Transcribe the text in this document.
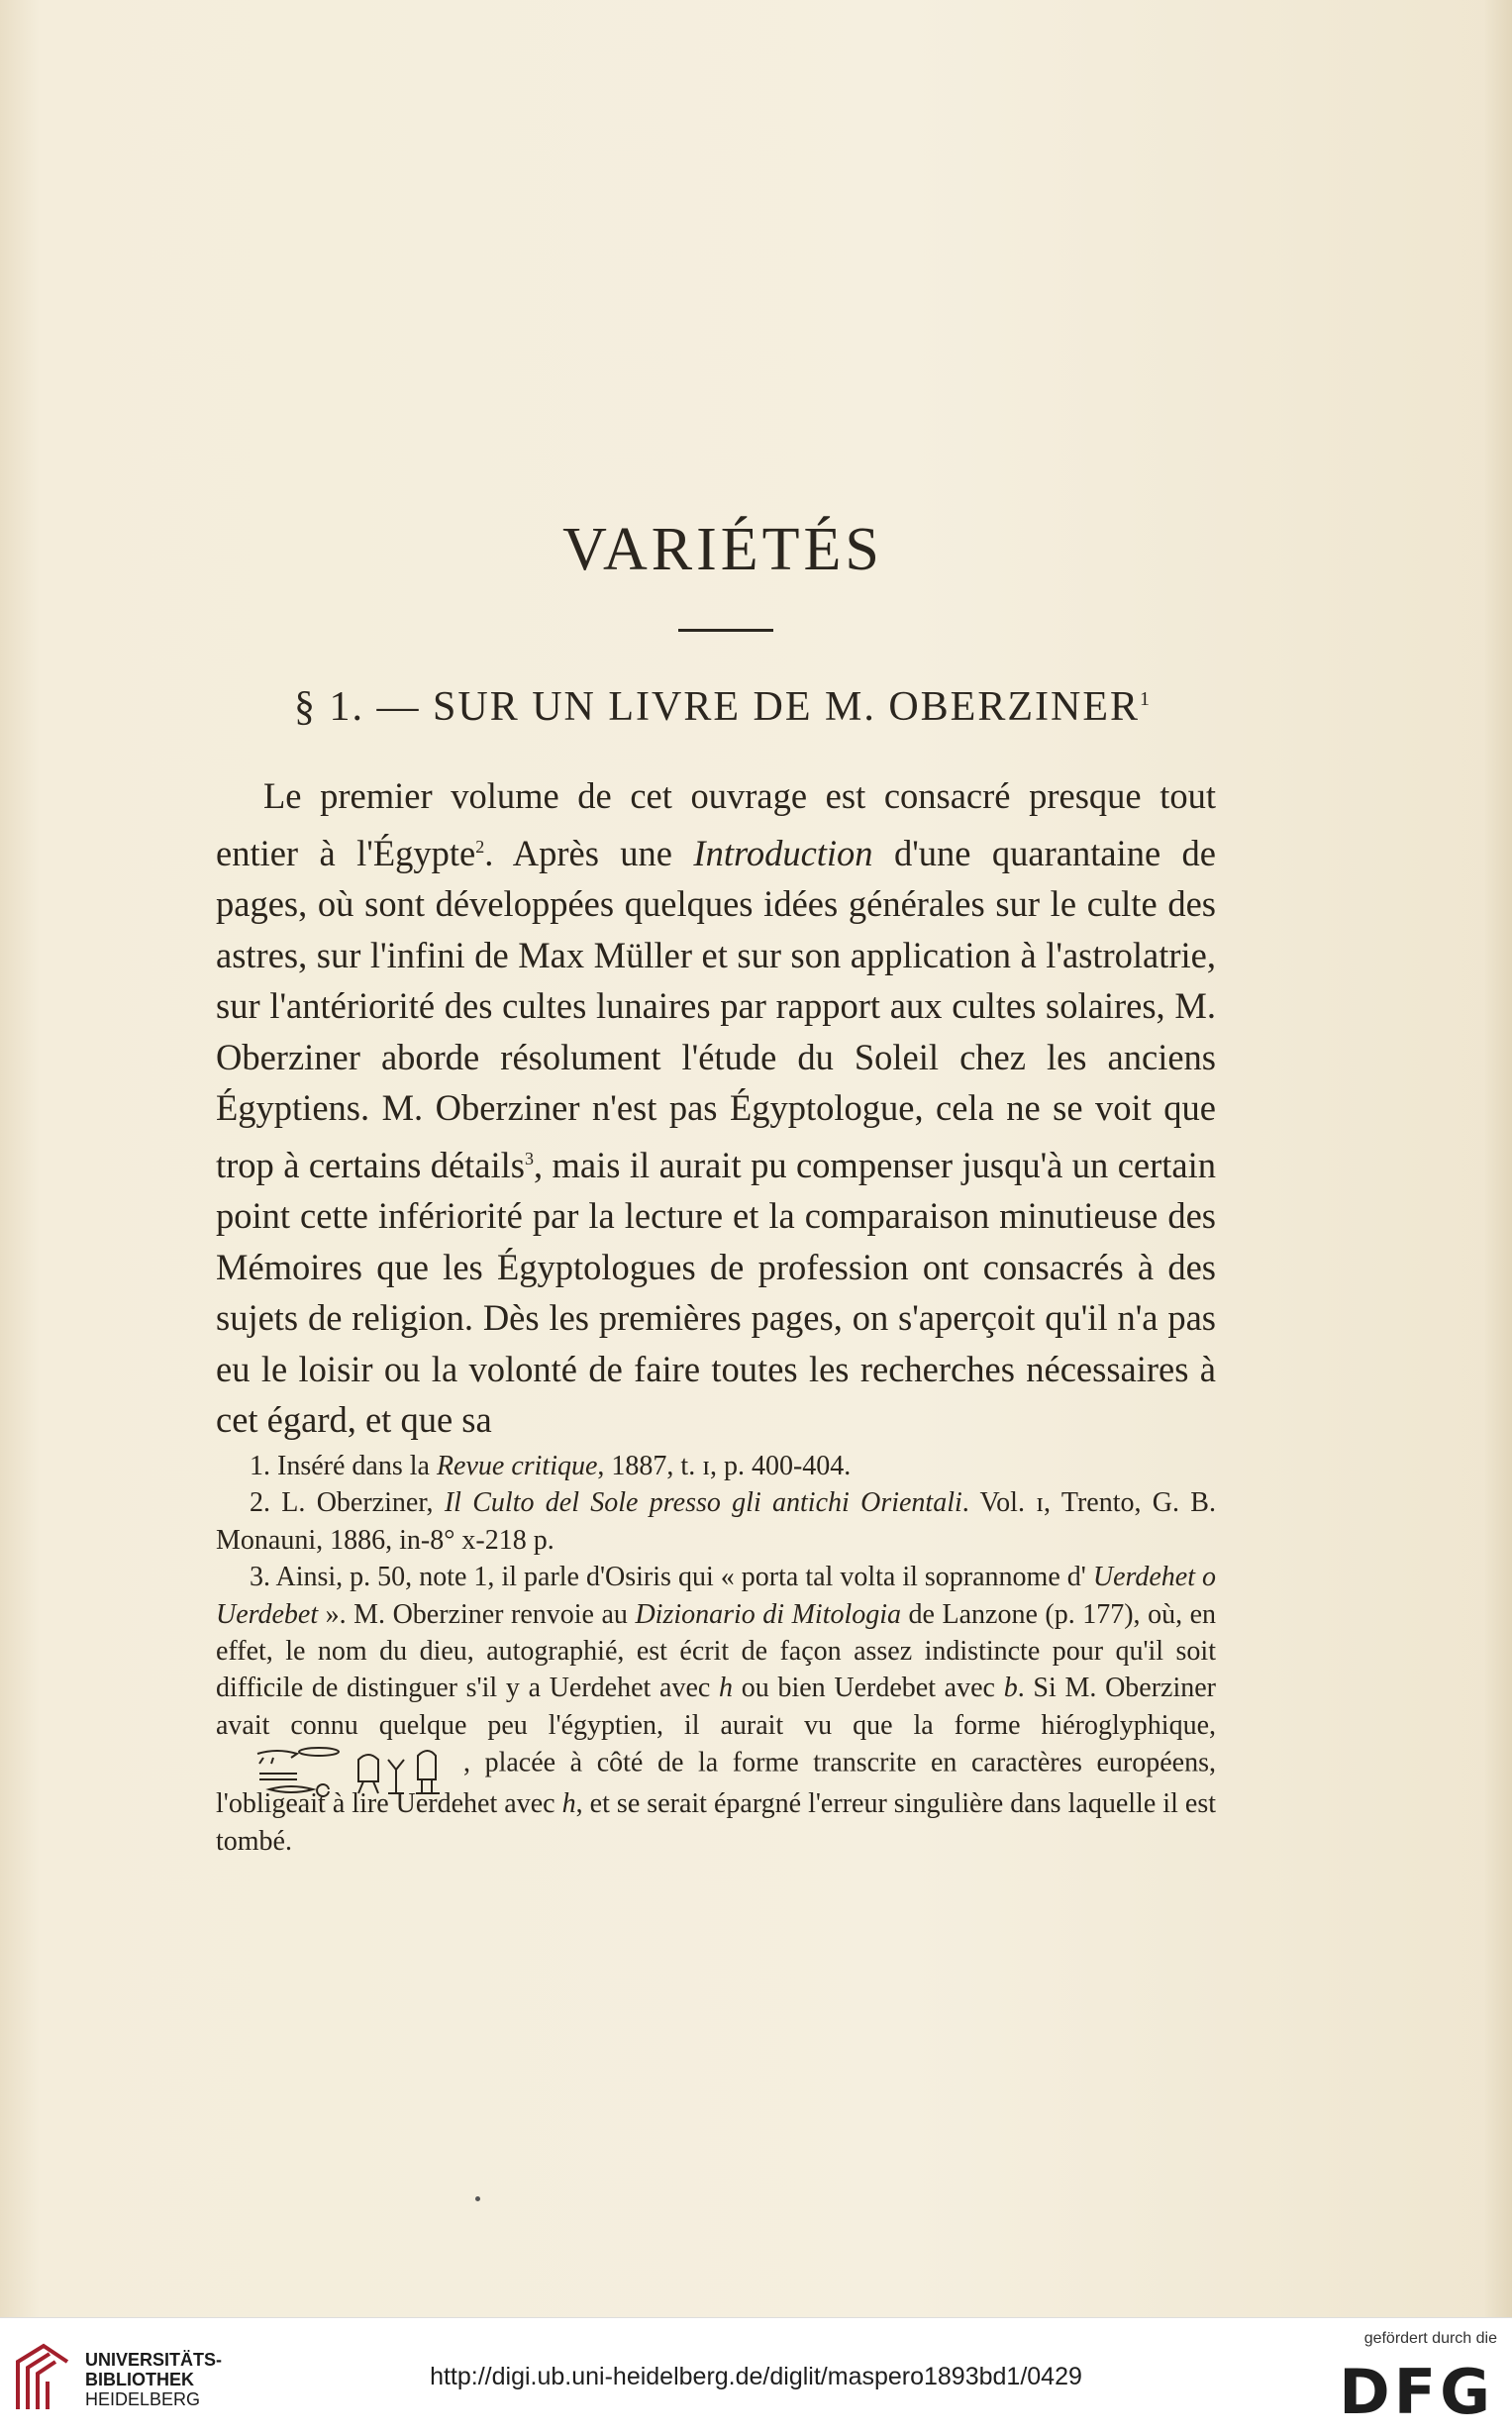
VARIÉTÉS
§ 1. — SUR UN LIVRE DE M. OBERZINER$^1$

Le premier volume de cet ouvrage est consacré presque tout entier à l'Égypte$^2$. Après une Introduction d'une quarantaine de pages, où sont développées quelques idées générales sur le culte des astres, sur l'infini de Max Müller et sur son application à l'astrolatrie, sur l'antériorité des cultes lunaires par rapport aux cultes solaires, M. Oberziner aborde résolument l'étude du Soleil chez les anciens Égyptiens. M. Oberziner n'est pas Égyptologue, cela ne se voit que trop à certains détails$^3$, mais il aurait pu compenser jusqu'à un certain point cette infériorité par la lecture et la comparaison minutieuse des Mémoires que les Égyptologues de profession ont consacrés à des sujets de religion. Dès les premières pages, on s'aperçoit qu'il n'a pas eu le loisir ou la volonté de faire toutes les recherches nécessaires à cet égard, et que sa

1. Inséré dans la Revue critique, 1887, t. ɪ, p. 400-404.

2. L. Oberziner, Il Culto del Sole presso gli antichi Orientali. Vol. ɪ, Trento, G. B. Monauni, 1886, in-8° x-218 p.

3. Ainsi, p. 50, note 1, il parle d'Osiris qui « porta tal volta il soprannome d' Uerdehet o Uerdebet ». M. Oberziner renvoie au Dizionario di Mitologia de Lanzone (p. 177), où, en effet, le nom du dieu, autographié, est écrit de façon assez indistincte pour qu'il soit difficile de distinguer s'il y a Uerdehet avec h ou bien Uerdebet avec b. Si M. Oberziner avait connu quelque peu l'égyptien, il aurait vu que la forme hiéroglyphique, , placée à côté de la forme transcrite en caractères européens, l'obligeait à lire Uerdehet avec h, et se serait épargné l'erreur singulière dans laquelle il est tombé.

UNIVERSITÄTS-
BIBLIOTHEK
HEIDELBERG
http://digi.ub.uni-heidelberg.de/diglit/maspero1893bd1/0429
gefördert durch die
DFG
